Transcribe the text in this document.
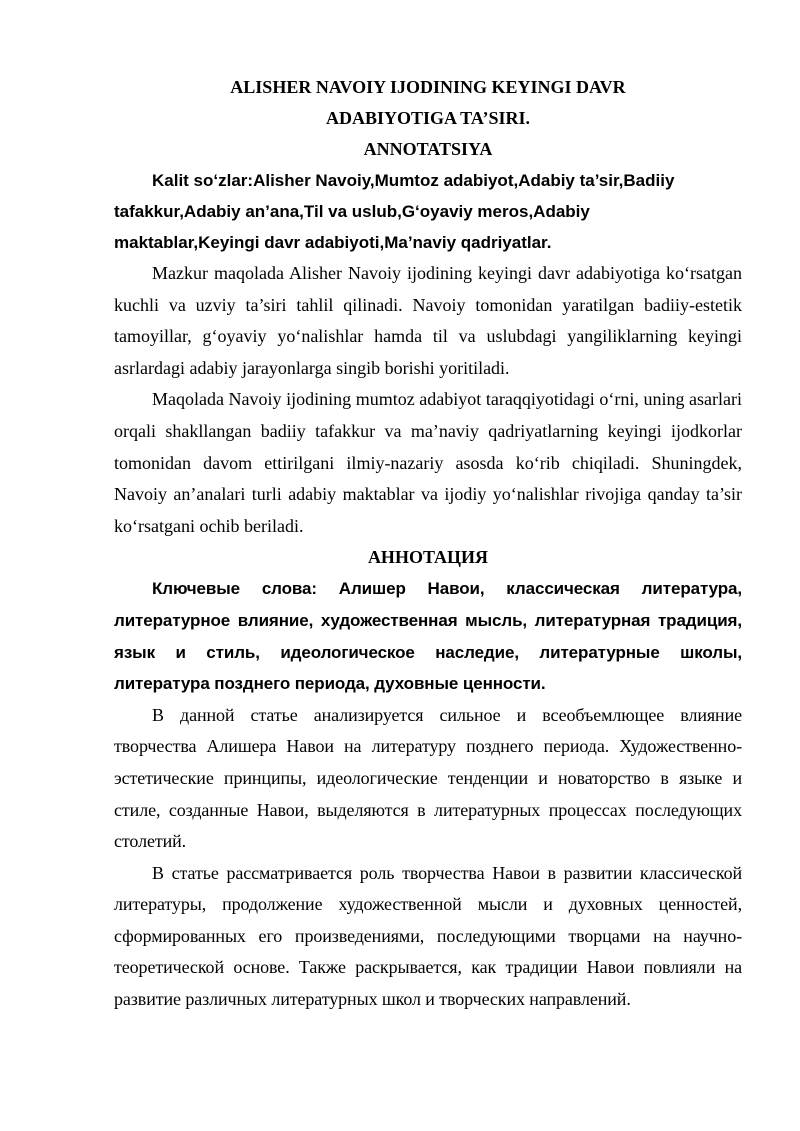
ALISHER NAVOIY IJODINING KEYINGI DAVR
ADABIYOTIGA TA’SIRI.
ANNOTATSIYA

Kalit so‘zlar:Alisher Navoiy,Mumtoz adabiyot,Adabiy ta’sir,Badiiy
tafakkur,Adabiy an’ana,Til va uslub,G‘oyaviy meros,Adabiy
maktablar,Keyingi davr adabiyoti,Ma’naviy qadriyatlar.

Mazkur maqolada Alisher Navoiy ijodining keyingi davr adabiyotiga ko‘rsatgan kuchli va uzviy ta’siri tahlil qilinadi. Navoiy tomonidan yaratilgan badiiy-estetik tamoyillar, g‘oyaviy yo‘nalishlar hamda til va uslubdagi yangiliklarning keyingi asrlardagi adabiy jarayonlarga singib borishi yoritiladi.

Maqolada Navoiy ijodining mumtoz adabiyot taraqqiyotidagi o‘rni, uning asarlari orqali shakllangan badiiy tafakkur va ma’naviy qadriyatlarning keyingi ijodkorlar tomonidan davom ettirilgani ilmiy-nazariy asosda ko‘rib chiqiladi. Shuningdek, Navoiy an’analari turli adabiy maktablar va ijodiy yo‘nalishlar rivojiga qanday ta’sir ko‘rsatgani ochib beriladi.

АННОТАЦИЯ

Ключевые слова: Алишер Навои, классическая литература, литературное влияние, художественная мысль, литературная традиция, язык и стиль, идеологическое наследие, литературные школы, литература позднего периода, духовные ценности.

В данной статье анализируется сильное и всеобъемлющее влияние творчества Алишера Навои на литературу позднего периода. Художественно-эстетические принципы, идеологические тенденции и новаторство в языке и стиле, созданные Навои, выделяются в литературных процессах последующих столетий.

В статье рассматривается роль творчества Навои в развитии классической литературы, продолжение художественной мысли и духовных ценностей, сформированных его произведениями, последующими творцами на научно-теоретической основе. Также раскрывается, как традиции Навои повлияли на развитие различных литературных школ и творческих направлений.
